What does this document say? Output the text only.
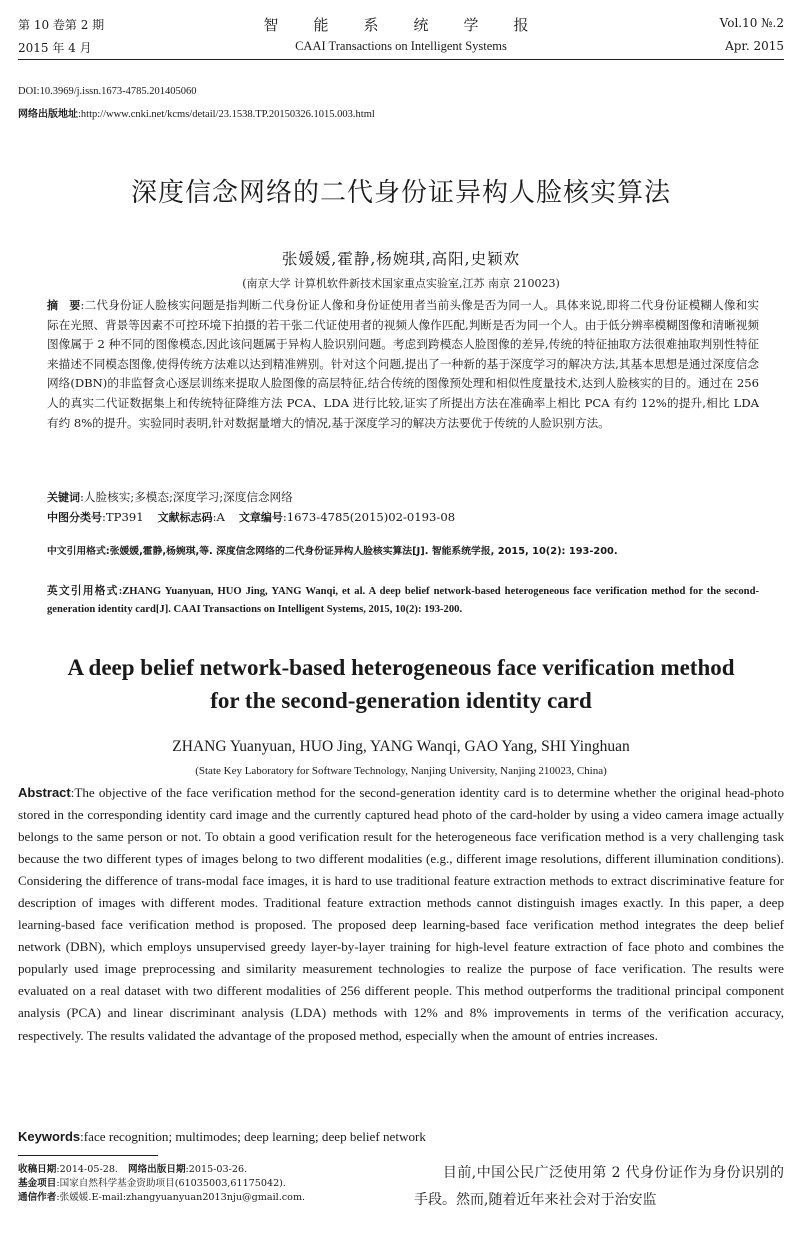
第 10 卷第 2 期	智　能　系　统　学　报	Vol.10 №.2
2015 年 4 月	CAAI Transactions on Intelligent Systems	Apr. 2015
DOI:10.3969/j.issn.1673-4785.201405060
网络出版地址:http://www.cnki.net/kcms/detail/23.1538.TP.20150326.1015.003.html
深度信念网络的二代身份证异构人脸核实算法
张媛媛,霍静,杨婉琪,高阳,史颖欢
(南京大学 计算机软件新技术国家重点实验室,江苏 南京 210023)
摘　要:二代身份证人脸核实问题是指判断二代身份证人像和身份证使用者当前头像是否为同一人。具体来说,即将二代身份证模糊人像和实际在光照、背景等因素不可控环境下拍摄的若干张二代证使用者的视频人像作匹配,判断是否为同一个人。由于低分辨率模糊图像和清晰视频图像属于 2 种不同的图像模态,因此该问题属于异构人脸识别问题。考虑到跨模态人脸图像的差异,传统的特征抽取方法很难抽取判别性特征来描述不同模态图像,使得传统方法难以达到精准辨别。针对这个问题,提出了一种新的基于深度学习的解决方法,其基本思想是通过深度信念网络(DBN)的非监督贪心逐层训练来提取人脸图像的高层特征,结合传统的图像预处理和相似性度量技术,达到人脸核实的目的。通过在 256 人的真实二代证数据集上和传统特征降维方法 PCA、LDA 进行比较,证实了所提出方法在准确率上相比 PCA 有约 12%的提升,相比 LDA 有约 8%的提升。实验同时表明,针对数据量增大的情况,基于深度学习的解决方法要优于传统的人脸识别方法。
关键词:人脸核实;多模态;深度学习;深度信念网络
中图分类号:TP391 文献标志码:A 文章编号:1673-4785(2015)02-0193-08
中文引用格式:张媛媛,霍静,杨婉琪,等. 深度信念网络的二代身份证异构人脸核实算法[J]. 智能系统学报, 2015, 10(2): 193-200.
英文引用格式:ZHANG Yuanyuan, HUO Jing, YANG Wanqi, et al. A deep belief network-based heterogeneous face verification method for the second-generation identity card[J]. CAAI Transactions on Intelligent Systems, 2015, 10(2): 193-200.
A deep belief network-based heterogeneous face verification method
for the second-generation identity card
ZHANG Yuanyuan, HUO Jing, YANG Wanqi, GAO Yang, SHI Yinghuan
(State Key Laboratory for Software Technology, Nanjing University, Nanjing 210023, China)
Abstract:The objective of the face verification method for the second-generation identity card is to determine whether the original head-photo stored in the corresponding identity card image and the currently captured head photo of the card-holder by using a video camera image actually belongs to the same person or not. To obtain a good verification result for the heterogeneous face verification method is a very challenging task because the two different types of images belong to two different modalities (e.g., different image resolutions, different illumination conditions). Considering the difference of trans-modal face images, it is hard to use traditional feature extraction methods to extract discriminative feature for description of images with different modes. Traditional feature extraction methods cannot distinguish images exactly. In this paper, a deep learning-based face verification method is proposed. The proposed deep learning-based face verification method integrates the deep belief network (DBN), which employs unsupervised greedy layer-by-layer training for high-level feature extraction of face photo and combines the popularly used image preprocessing and similarity measurement technologies to realize the purpose of face verification. The results were evaluated on a real dataset with two different modalities of 256 different people. This method outperforms the traditional principal component analysis (PCA) and linear discriminant analysis (LDA) methods with 12% and 8% improvements in terms of the verification accuracy, respectively. The results validated the advantage of the proposed method, especially when the amount of entries increases.
Keywords:face recognition; multimodes; deep learning; deep belief network
收稿日期:2014-05-28. 网络出版日期:2015-03-26.
基金项目:国家自然科学基金资助项目(61035003,61175042).
通信作者:张媛媛.E-mail:zhangyuanyuan2013nju@gmail.com.
　　目前,中国公民广泛使用第 2 代身份证作为身份识别的手段。然而,随着近年来社会对于治安监
